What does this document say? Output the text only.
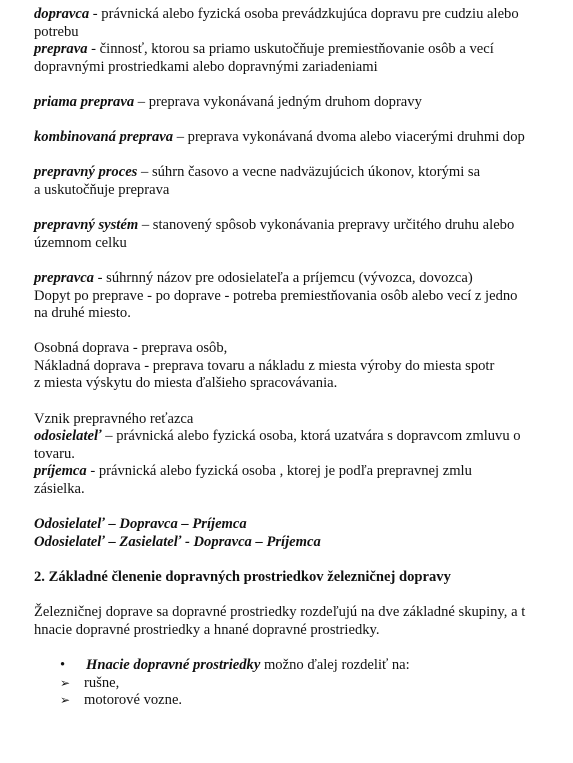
dopravca - právnická alebo fyzická osoba prevádzkujúca dopravu pre cudziu alebo

potrebu

preprava - činnosť, ktorou sa priamo uskutočňuje premiestňovanie osôb a vecí

dopravnými prostriedkami alebo dopravnými zariadeniami

priama preprava – preprava vykonávaná jedným druhom dopravy

kombinovaná preprava – preprava vykonávaná dvoma alebo viacerými druhmi dop

prepravný proces – súhrn časovo a vecne nadväzujúcich úkonov, ktorými sa

a uskutočňuje preprava

prepravný systém – stanovený spôsob vykonávania prepravy určitého druhu alebo

územnom celku

prepravca - súhrnný názov pre odosielateľa a príjemcu (vývozca, dovozca)

Dopyt po preprave - po doprave - potreba premiestňovania osôb alebo vecí z jedno

na druhé miesto.

Osobná doprava - preprava osôb,

Nákladná doprava - preprava tovaru a nákladu z miesta výroby do miesta spotr

z miesta výskytu do miesta ďalšieho spracovávania.

Vznik prepravného reťazca

odosielateľ – právnická alebo fyzická osoba, ktorá uzatvára s dopravcom zmluvu o

tovaru.

príjemca - právnická alebo fyzická osoba , ktorej je podľa prepravnej zmlu

zásielka.

Odosielateľ – Dopravca – Príjemca

Odosielateľ – Zasielateľ - Dopravca – Príjemca

2. Základné členenie dopravných prostriedkov železničnej dopravy

Železničnej doprave sa dopravné prostriedky rozdeľujú na dve základné skupiny, a t

hnacie dopravné prostriedky a hnané dopravné prostriedky.

• Hnacie dopravné prostriedky možno ďalej rozdeliť na:
➢ rušne,
➢ motorové vozne.
